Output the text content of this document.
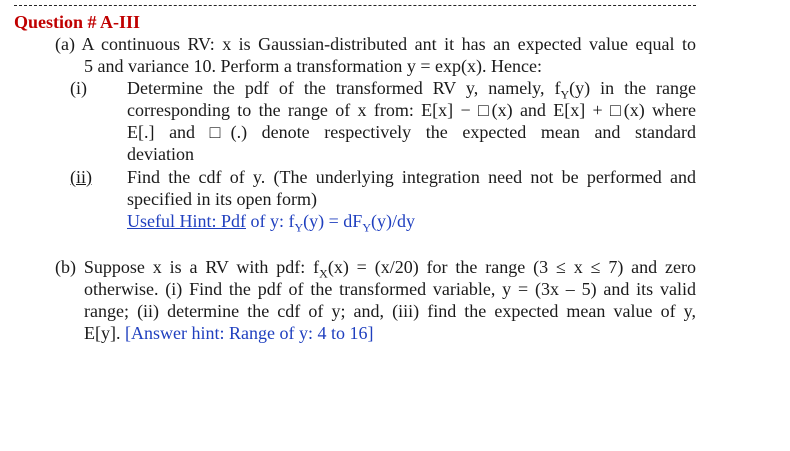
Question # A-III
(a) A continuous RV: x is Gaussian-distributed ant it has an expected value equal to
5 and variance 10. Perform a transformation y = exp(x). Hence:
(i) Determine the pdf of the transformed RV y, namely, $f_Y(y)$ in the range
corresponding to the range of x from: E[x] − □(x) and E[x] + □(x) where
E[.] and □(.) denote respectively the expected mean and standard
deviation
(ii) Find the cdf of y. (The underlying integration need not be performed and
specified in its open form)
Useful Hint: Pdf of y: $f_Y(y) = dF_Y(y)/dy$
(b) Suppose x is a RV with pdf: $f_X(x) = (x/20)$ for the range (3 ≤ x ≤ 7) and zero
otherwise. (i) Find the pdf of the transformed variable, y = (3x – 5) and its valid
range; (ii) determine the cdf of y; and, (iii) find the expected mean value of y,
E[y]. [Answer hint: Range of y: 4 to 16]
